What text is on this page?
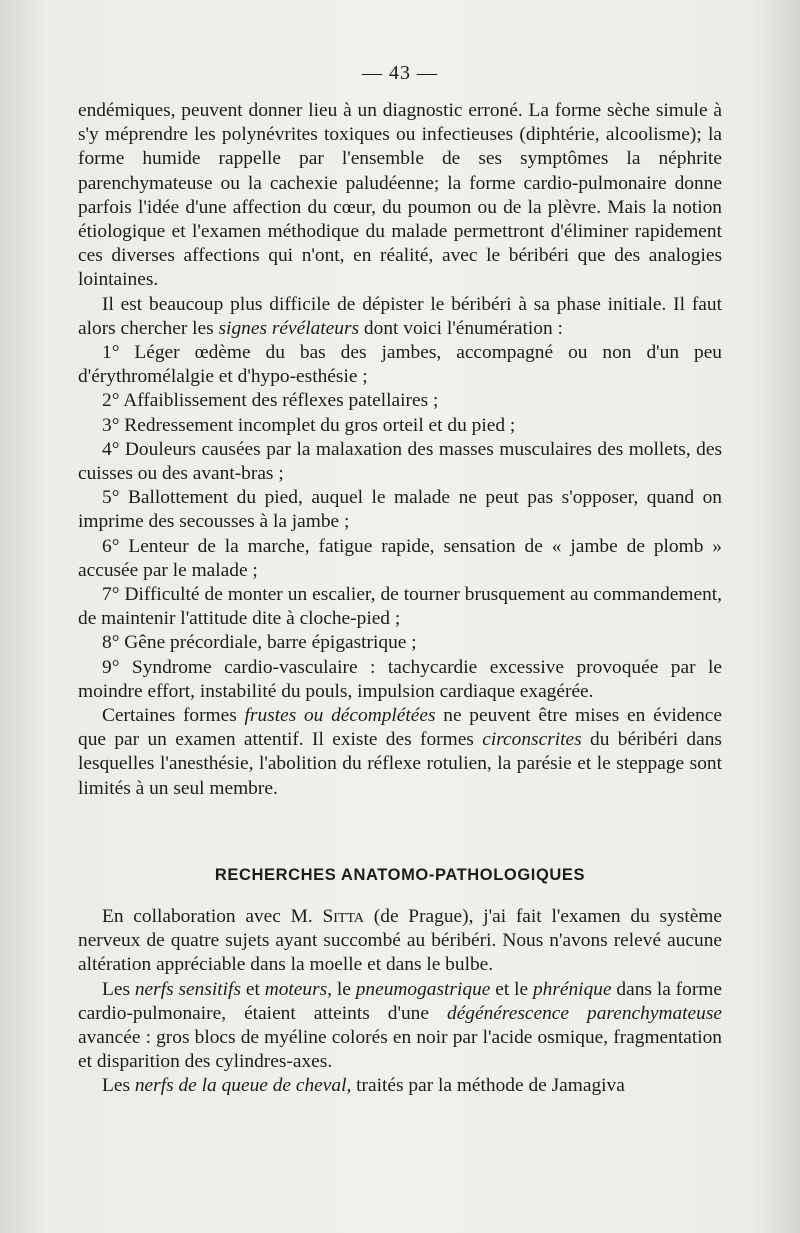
— 43 —

endémiques, peuvent donner lieu à un diagnostic erroné. La forme sèche simule à s'y méprendre les polynévrites toxiques ou infectieuses (diphtérie, alcoolisme); la forme humide rappelle par l'ensemble de ses symptômes la néphrite parenchymateuse ou la cachexie paludéenne; la forme cardio-pulmonaire donne parfois l'idée d'une affection du cœur, du poumon ou de la plèvre. Mais la notion étiologique et l'examen méthodique du malade permettront d'éliminer rapidement ces diverses affections qui n'ont, en réalité, avec le béribéri que des analogies lointaines.

Il est beaucoup plus difficile de dépister le béribéri à sa phase initiale. Il faut alors chercher les signes révélateurs dont voici l'énumération :

1° Léger œdème du bas des jambes, accompagné ou non d'un peu d'érythromélalgie et d'hypo-esthésie ;

2° Affaiblissement des réflexes patellaires ;

3° Redressement incomplet du gros orteil et du pied ;

4° Douleurs causées par la malaxation des masses musculaires des mollets, des cuisses ou des avant-bras ;

5° Ballottement du pied, auquel le malade ne peut pas s'opposer, quand on imprime des secousses à la jambe ;

6° Lenteur de la marche, fatigue rapide, sensation de « jambe de plomb » accusée par le malade ;

7° Difficulté de monter un escalier, de tourner brusquement au commandement, de maintenir l'attitude dite à cloche-pied ;

8° Gêne précordiale, barre épigastrique ;

9° Syndrome cardio-vasculaire : tachycardie excessive provoquée par le moindre effort, instabilité du pouls, impulsion cardiaque exagérée.

Certaines formes frustes ou décomplétées ne peuvent être mises en évidence que par un examen attentif. Il existe des formes circonscrites du béribéri dans lesquelles l'anesthésie, l'abolition du réflexe rotulien, la parésie et le steppage sont limités à un seul membre.

RECHERCHES ANATOMO-PATHOLOGIQUES

En collaboration avec M. Sitta (de Prague), j'ai fait l'examen du système nerveux de quatre sujets ayant succombé au béribéri. Nous n'avons relevé aucune altération appréciable dans la moelle et dans le bulbe.

Les nerfs sensitifs et moteurs, le pneumogastrique et le phrénique dans la forme cardio-pulmonaire, étaient atteints d'une dégénérescence parenchymateuse avancée : gros blocs de myéline colorés en noir par l'acide osmique, fragmentation et disparition des cylindres-axes.

Les nerfs de la queue de cheval, traités par la méthode de Jamagiva
